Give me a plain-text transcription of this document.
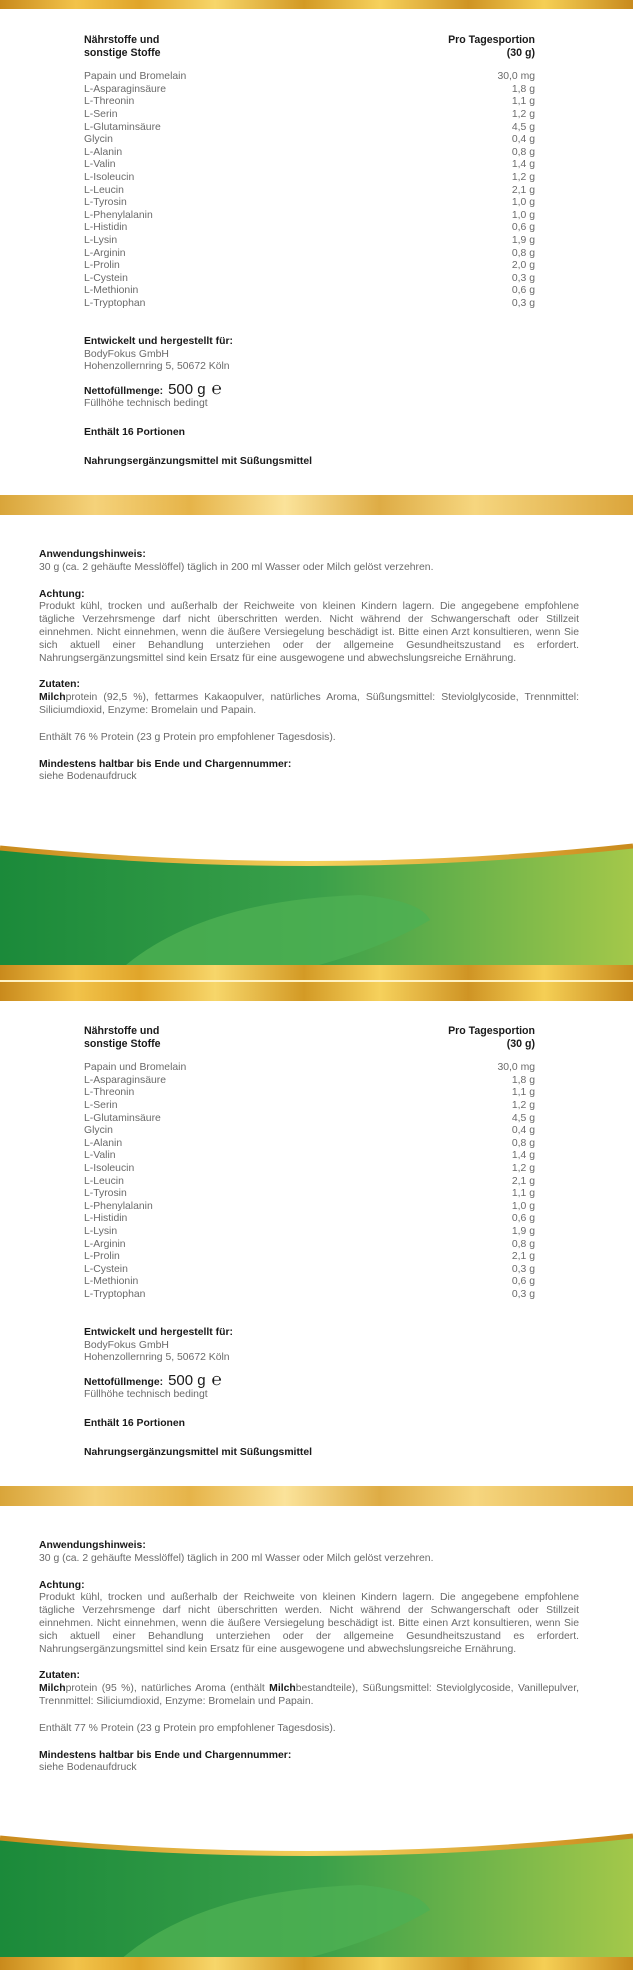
Nährstoffe und sonstige Stoffe
Pro Tagesportion
(30 g)
Papain und Bromelain	30,0 mg
L-Asparaginsäure	1,8 g
L-Threonin	1,1 g
L-Serin	1,2 g
L-Glutaminsäure	4,5 g
Glycin	0,4 g
L-Alanin	0,8 g
L-Valin	1,4 g
L-Isoleucin	1,2 g
L-Leucin	2,1 g
L-Tyrosin	1,0 g
L-Phenylalanin	1,0 g
L-Histidin	0,6 g
L-Lysin	1,9 g
L-Arginin	0,8 g
L-Prolin	2,0 g
L-Cystein	0,3 g
L-Methionin	0,6 g
L-Tryptophan	0,3 g
Entwickelt und hergestellt für:
BodyFokus GmbH
Hohenzollernring 5, 50672 Köln
Nettofüllmenge: 500 g ℮
Füllhöhe technisch bedingt
Enthält 16 Portionen
Nahrungsergänzungsmittel mit Süßungsmittel
Anwendungshinweis:
30 g (ca. 2 gehäufte Messlöffel) täglich in 200 ml Wasser oder Milch gelöst verzehren.
Achtung:
Produkt kühl, trocken und außerhalb der Reichweite von kleinen Kindern lagern. Die angegebene empfohlene tägliche Verzehrsmenge darf nicht überschritten werden. Nicht während der Schwangerschaft oder Stillzeit einnehmen. Nicht einnehmen, wenn die äußere Versiegelung beschädigt ist. Bitte einen Arzt konsultieren, wenn Sie sich aktuell einer Behandlung unterziehen oder der allgemeine Gesundheitszustand es erfordert. Nahrungsergänzungsmittel sind kein Ersatz für eine ausgewogene und abwechslungsreiche Ernährung.
Zutaten:
Milchprotein (92,5 %), fettarmes Kakaopulver, natürliches Aroma, Süßungsmittel: Steviolglycoside, Trennmittel: Siliciumdioxid, Enzyme: Bromelain und Papain.
Enthält 76 % Protein (23 g Protein pro empfohlener Tagesdosis).
Mindestens haltbar bis Ende und Chargennummer:
siehe Bodenaufdruck
Nährstoffe und sonstige Stoffe
Pro Tagesportion
(30 g)
Papain und Bromelain	30,0 mg
L-Asparaginsäure	1,8 g
L-Threonin	1,1 g
L-Serin	1,2 g
L-Glutaminsäure	4,5 g
Glycin	0,4 g
L-Alanin	0,8 g
L-Valin	1,4 g
L-Isoleucin	1,2 g
L-Leucin	2,1 g
L-Tyrosin	1,1 g
L-Phenylalanin	1,0 g
L-Histidin	0,6 g
L-Lysin	1,9 g
L-Arginin	0,8 g
L-Prolin	2,1 g
L-Cystein	0,3 g
L-Methionin	0,6 g
L-Tryptophan	0,3 g
Entwickelt und hergestellt für:
BodyFokus GmbH
Hohenzollernring 5, 50672 Köln
Nettofüllmenge: 500 g ℮
Füllhöhe technisch bedingt
Enthält 16 Portionen
Nahrungsergänzungsmittel mit Süßungsmittel
Anwendungshinweis:
30 g (ca. 2 gehäufte Messlöffel) täglich in 200 ml Wasser oder Milch gelöst verzehren.
Achtung:
Produkt kühl, trocken und außerhalb der Reichweite von kleinen Kindern lagern. Die angegebene empfohlene tägliche Verzehrsmenge darf nicht überschritten werden. Nicht während der Schwangerschaft oder Stillzeit einnehmen. Nicht einnehmen, wenn die äußere Versiegelung beschädigt ist. Bitte einen Arzt konsultieren, wenn Sie sich aktuell einer Behandlung unterziehen oder der allgemeine Gesundheitszustand es erfordert. Nahrungsergänzungsmittel sind kein Ersatz für eine ausgewogene und abwechslungsreiche Ernährung.
Zutaten:
Milchprotein (95 %), natürliches Aroma (enthält Milchbestandteile), Süßungsmittel: Steviolglycoside, Vanillepulver, Trennmittel: Siliciumdioxid, Enzyme: Bromelain und Papain.
Enthält 77 % Protein (23 g Protein pro empfohlener Tagesdosis).
Mindestens haltbar bis Ende und Chargennummer:
siehe Bodenaufdruck
